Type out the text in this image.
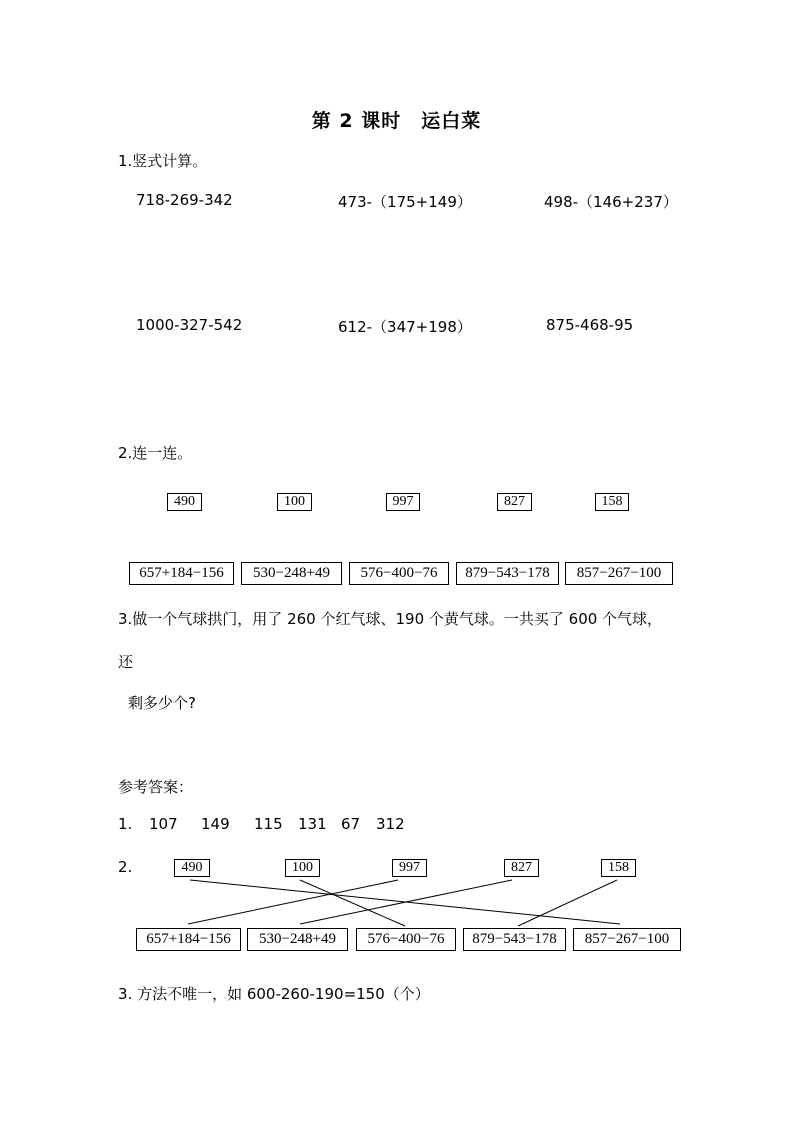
第 2 课时　运白菜
1.竖式计算。
718-269-342	473-（175+149）	498-（146+237）
1000-327-542	612-（347+198）	875-468-95
2.连一连。
490	100	997	827	158
657+184−156	530−248+49	576−400−76	879−543−178	857−267−100
3.做一个气球拱门，用了 260 个红气球、190 个黄气球。一共买了 600 个气球，
还
剩多少个?
参考答案：
1. 107 149 115 131 67 312
2.	490	100	997	827	158
657+184−156	530−248+49	576−400−76	879−543−178	857−267−100
3. 方法不唯一，如 600-260-190=150（个）
